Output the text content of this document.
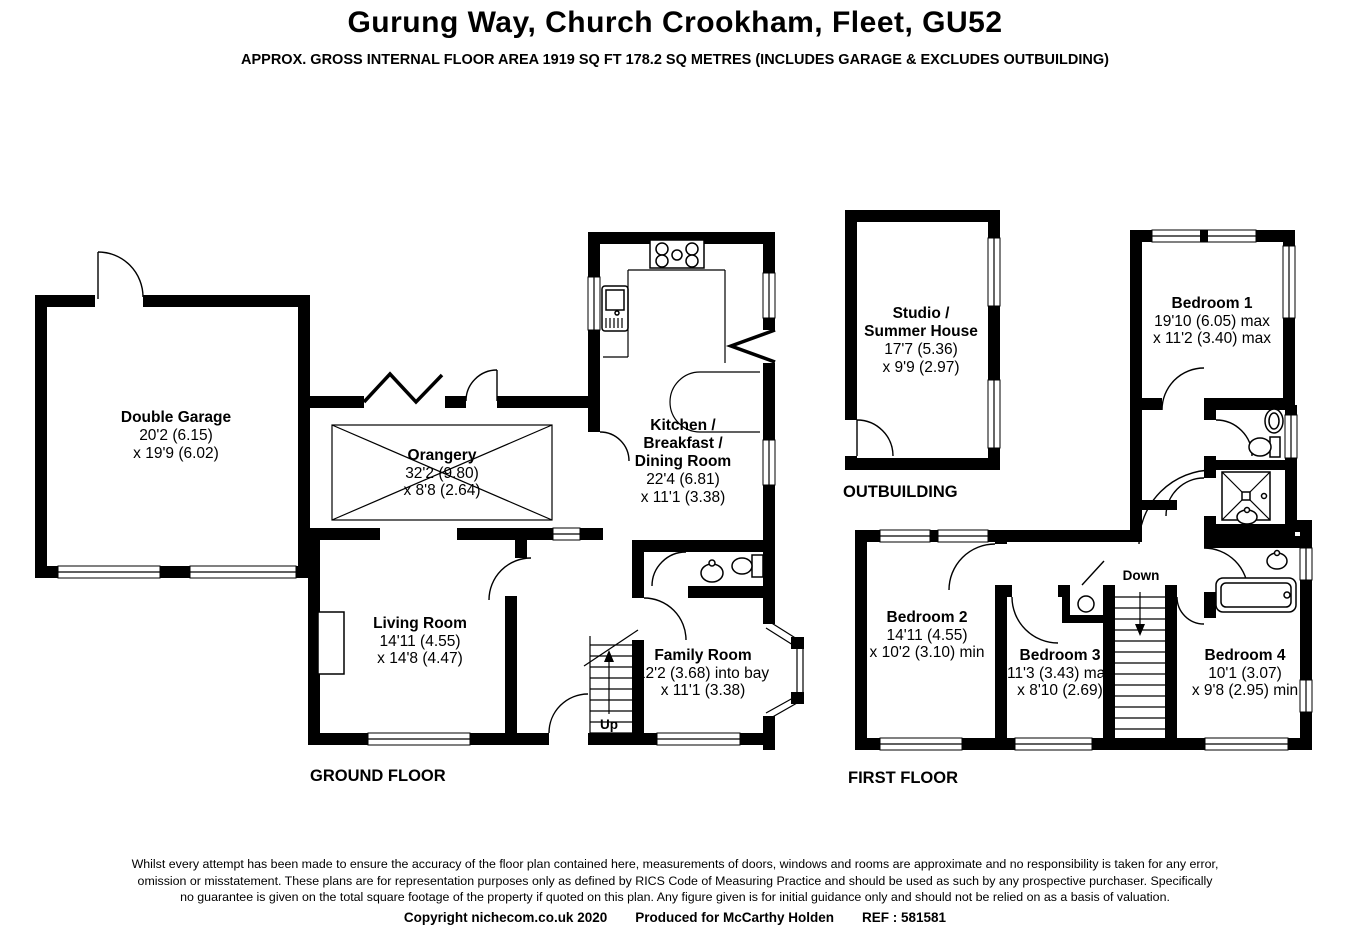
Gurung Way, Church Crookham, Fleet, GU52
APPROX. GROSS INTERNAL FLOOR AREA 1919 SQ FT 178.2 SQ METRES (INCLUDES GARAGE & EXCLUDES OUTBUILDING)
Double Garage
20'2 (6.15)
x 19'9 (6.02)	Orangery
32'2 (9.80)
x 8'8 (2.64)
Kitchen /
Breakfast /
Dining Room
22'4 (6.81)
x 11'1 (3.38)
Living Room
14'11 (4.55)
x 14'8 (4.47)	Family Room
12'2 (3.68) into bay
x 11'1 (3.38)
Studio /
Summer House
17'7 (5.36)
x 9'9 (2.97)
Bedroom 1
19'10 (6.05) max
x 11'2 (3.40) max
Bedroom 2
14'11 (4.55)
x 10'2 (3.10) min Bedroom 3
11'3 (3.43) max
x 8'10 (2.69)
Bedroom 4
10'1 (3.07)
x 9'8 (2.95) min
Up
Down
GROUND FLOOR
OUTBUILDING
FIRST FLOOR
Whilst every attempt has been made to ensure the accuracy of the floor plan contained here, measurements of doors, windows and rooms are approximate and no responsibility is taken for any error,
omission or misstatement. These plans are for representation purposes only as defined by RICS Code of Measuring Practice and should be used as such by any prospective purchaser. Specifically
no guarantee is given on the total square footage of the property if quoted on this plan. Any figure given is for initial guidance only and should not be relied on as a basis of valuation.
Copyright nichecom.co.uk 2020 Produced for McCarthy Holden REF : 581581
